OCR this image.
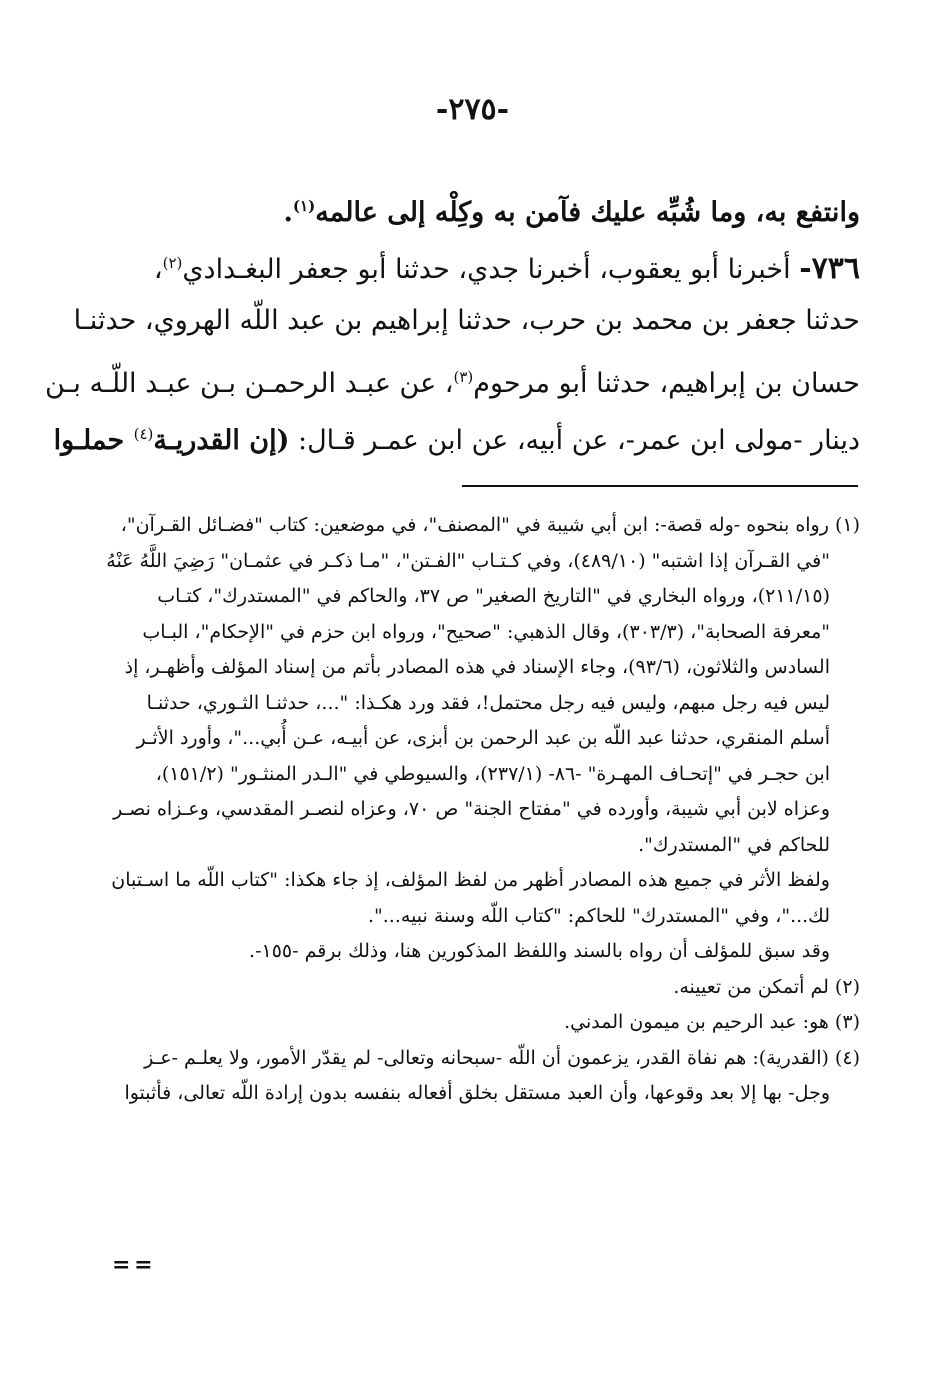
-٢٧٥-
وانتفع به، وما شُبِّه عليك فآمن به وكِلْه إلى عالمه$^{(١)}$.
٧٣٦- أخبرنا أبو يعقوب، أخبرنا جدي، حدثنا أبو جعفر البغـدادي$^{(٢)}$،
حدثنا جعفر بن محمد بن حرب، حدثنا إبراهيم بن عبد اللّه الهروي، حدثنـا
حسان بن إبراهيم، حدثنا أبو مرحوم$^{(٣)}$، عن عبـد الرحمـن بـن عبـد اللّـه بـن
دينار -مولى ابن عمر-، عن أبيه، عن ابن عمـر قـال: (إن القدريـة$^{(٤)}$ حملـوا
(١) رواه بنحوه -وله قصة-: ابن أبي شيبة في "المصنف"، في موضعين: كتاب "فضـائل القـرآن"،
"في القـرآن إذا اشتبه" (٤٨٩/١٠)، وفي كـتـاب "الفـتن"، "مـا ذكـر في عثمـان" رَضِيَ اللَّهُ عَنْهُ
(٢١١/١٥)، ورواه البخاري في "التاريخ الصغير" ص ٣٧، والحاكم في "المستدرك"، كتـاب
"معرفة الصحابة"، (٣٠٣/٣)، وقال الذهبي: "صحيح"، ورواه ابن حزم في "الإحكام"، البـاب
السادس والثلاثون، (٩٣/٦)، وجاء الإسناد في هذه المصادر بأتم من إسناد المؤلف وأظهـر، إذ
ليس فيه رجل مبهم، وليس فيه رجل محتمل!، فقد ورد هكـذا: "...، حدثنـا الثـوري، حدثنـا
أسلم المنقري، حدثنا عبد اللّه بن عبد الرحمن بن أبزى، عن أبيـه، عـن أُبي..."، وأورد الأثـر
ابن حجـر في "إتحـاف المهـرة" -٨٦- (٢٣٧/١)، والسيوطي في "الـدر المنثـور" (١٥١/٢)،
وعزاه لابن أبي شيبة، وأورده في "مفتاح الجنة" ص ٧٠، وعزاه لنصـر المقدسي، وعـزاه نصـر
للحاكم في "المستدرك".
ولفظ الأثر في جميع هذه المصادر أظهر من لفظ المؤلف، إذ جاء هكذا: "كتاب اللّه ما اسـتبان
لك..."، وفي "المستدرك" للحاكم: "كتاب اللّه وسنة نبيه...".
وقد سبق للمؤلف أن رواه بالسند واللفظ المذكورين هنا، وذلك برقم -١٥٥-.
(٢) لم أتمكن من تعيينه.
(٣) هو: عبد الرحيم بن ميمون المدني.
(٤) (القدرية): هم نفاة القدر، يزعمون أن اللّه -سبحانه وتعالى- لم يقدّر الأمور، ولا يعلـم -عـز
وجل- بها إلا بعد وقوعها، وأن العبد مستقل بخلق أفعاله بنفسه بدون إرادة اللّه تعالى، فأثبتوا
= =
